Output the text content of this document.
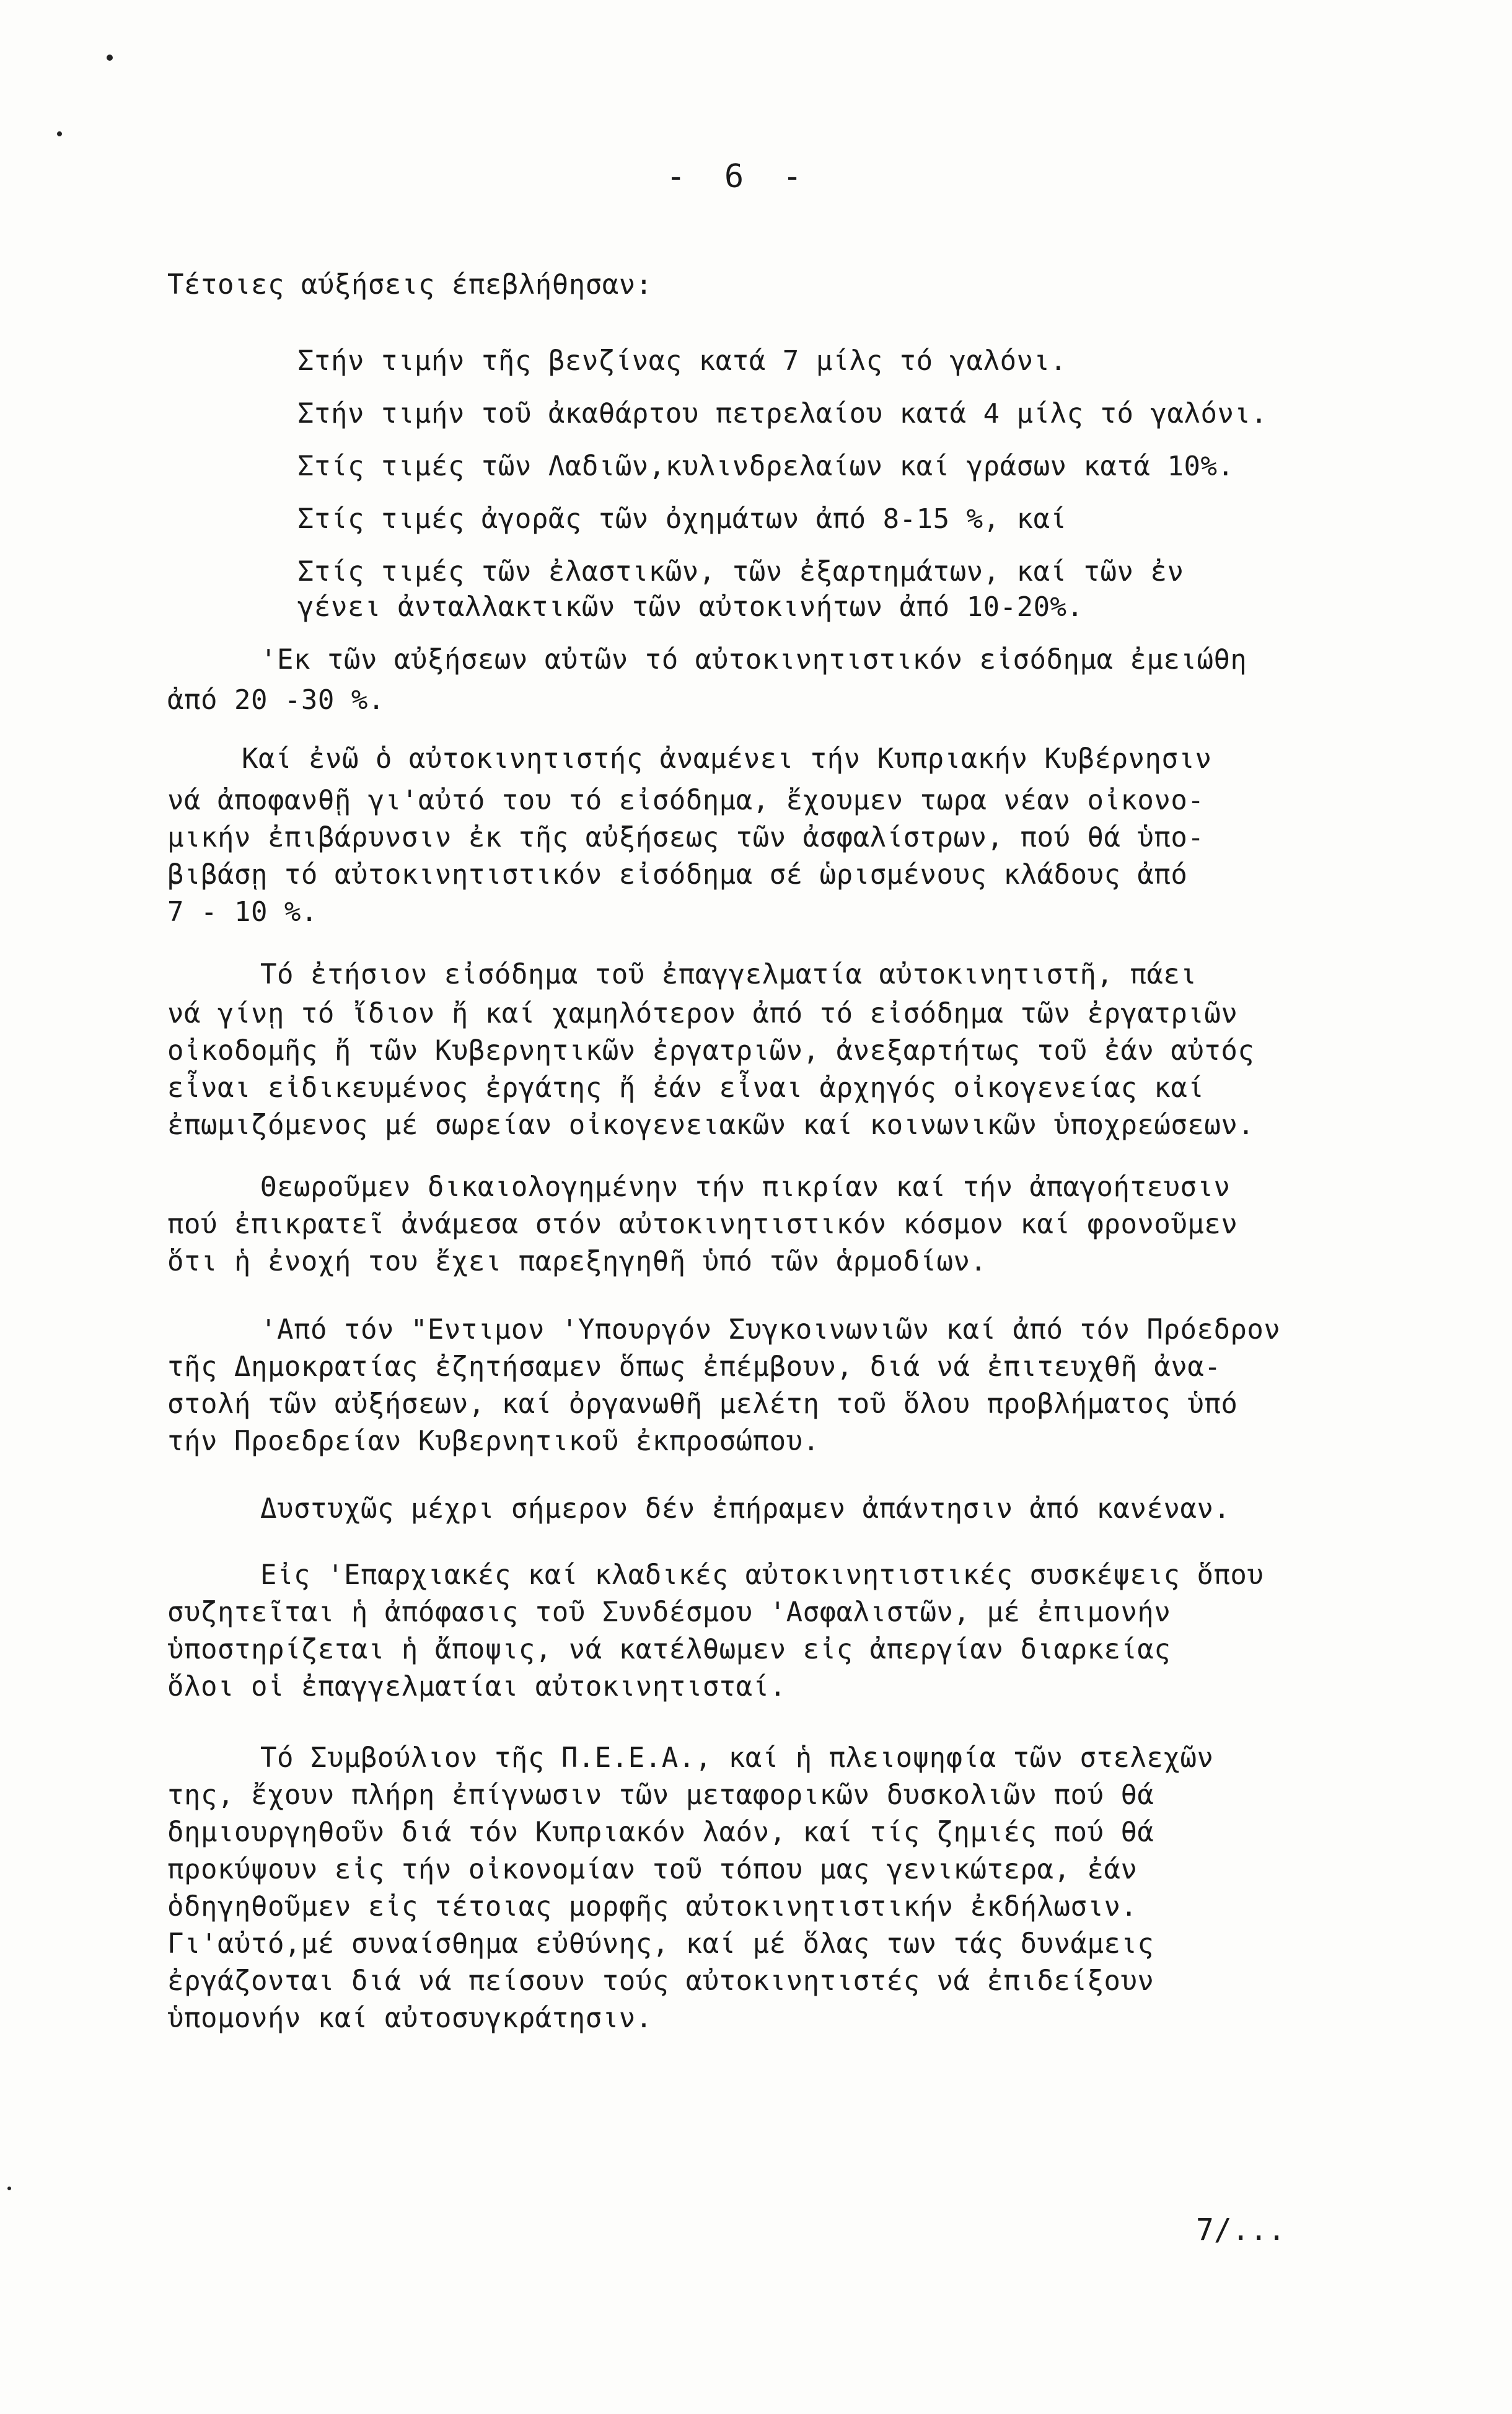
-  6  -
Τέτοιες αύξήσεις έπεβλήθησαν:
Στήν τιμήν τῆς βενζίνας κατά 7 μίλς τό γαλόνι.
Στήν τιμήν τοῦ ἀκαθάρτου πετρελαίου κατά 4 μίλς τό γαλόνι.
Στίς τιμές τῶν Λαδιῶν,κυλινδρελαίων καί γράσων κατά 10%.
Στίς τιμές ἀγορᾶς τῶν ὀχημάτων ἀπό 8-15 %, καί
Στίς τιμές τῶν ἐλαστικῶν, τῶν ἐξαρτημάτων, καί τῶν ἐν
γένει ἀνταλλακτικῶν τῶν αὐτοκινήτων ἀπό 10-20%.
'Εκ τῶν αὐξήσεων αὐτῶν τό αὐτοκινητιστικόν εἰσόδημα ἐμειώθη
ἀπό 20 -30 %.
Καί ἐνῶ ὁ αὐτοκινητιστής ἀναμένει τήν Κυπριακήν Κυβέρνησιν
νά ἀποφανθῇ γι'αὐτό του τό εἰσόδημα, ἔχουμεν τωρα νέαν οἰκονο-
μικήν ἐπιβάρυνσιν ἐκ τῆς αὐξήσεως τῶν ἀσφαλίστρων, πού θά ὑπο-
βιβάσῃ τό αὐτοκινητιστικόν εἰσόδημα σέ ὡρισμένους κλάδους ἀπό
7 - 10 %.
Τό ἐτήσιον εἰσόδημα τοῦ ἐπαγγελματία αὐτοκινητιστῆ, πάει
νά γίνῃ τό ἴδιον ἤ καί χαμηλότερον ἀπό τό εἰσόδημα τῶν ἐργατριῶν
οἰκοδομῆς ἤ τῶν Κυβερνητικῶν ἐργατριῶν, ἀνεξαρτήτως τοῦ ἐάν αὐτός
εἶναι εἰδικευμένος ἐργάτης ἤ ἐάν εἶναι ἀρχηγός οἰκογενείας καί
ἐπωμιζόμενος μέ σωρείαν οἰκογενειακῶν καί κοινωνικῶν ὑποχρεώσεων.
Θεωροῦμεν δικαιολογημένην τήν πικρίαν καί τήν ἀπαγοήτευσιν
πού ἐπικρατεῖ ἀνάμεσα στόν αὐτοκινητιστικόν κόσμον καί φρονοῦμεν
ὅτι ἡ ἐνοχή του ἔχει παρεξηγηθῆ ὑπό τῶν ἁρμοδίων.
'Από τόν "Εντιμον 'Υπουργόν Συγκοινωνιῶν καί ἀπό τόν Πρόεδρον
τῆς Δημοκρατίας ἐζητήσαμεν ὅπως ἐπέμβουν, διά νά ἐπιτευχθῆ ἀνα-
στολή τῶν αὐξήσεων, καί ὀργανωθῆ μελέτη τοῦ ὅλου προβλήματος ὑπό
τήν Προεδρείαν Κυβερνητικοῦ ἐκπροσώπου.
Δυστυχῶς μέχρι σήμερον δέν ἐπήραμεν ἀπάντησιν ἀπό κανέναν.
Εἰς 'Επαρχιακές καί κλαδικές αὐτοκινητιστικές συσκέψεις ὅπου
συζητεῖται ἡ ἀπόφασις τοῦ Συνδέσμου 'Ασφαλιστῶν, μέ ἐπιμονήν
ὑποστηρίζεται ἡ ἄποψις, νά κατέλθωμεν εἰς ἀπεργίαν διαρκείας
ὅλοι οἱ ἐπαγγελματίαι αὐτοκινητισταί.
Τό Συμβούλιον τῆς Π.Ε.Ε.Α., καί ἡ πλειοψηφία τῶν στελεχῶν
της, ἔχουν πλήρη ἐπίγνωσιν τῶν μεταφορικῶν δυσκολιῶν πού θά
δημιουργηθοῦν διά τόν Κυπριακόν λαόν, καί τίς ζημιές πού θά
προκύψουν εἰς τήν οἰκονομίαν τοῦ τόπου μας γενικώτερα, ἐάν
ὁδηγηθοῦμεν εἰς τέτοιας μορφῆς αὐτοκινητιστικήν ἐκδήλωσιν.
Γι'αὐτό,μέ συναίσθημα εὐθύνης, καί μέ ὅλας των τάς δυνάμεις
ἐργάζονται διά νά πείσουν τούς αὐτοκινητιστές νά ἐπιδείξουν
ὑπομονήν καί αὐτοσυγκράτησιν.
7/...
